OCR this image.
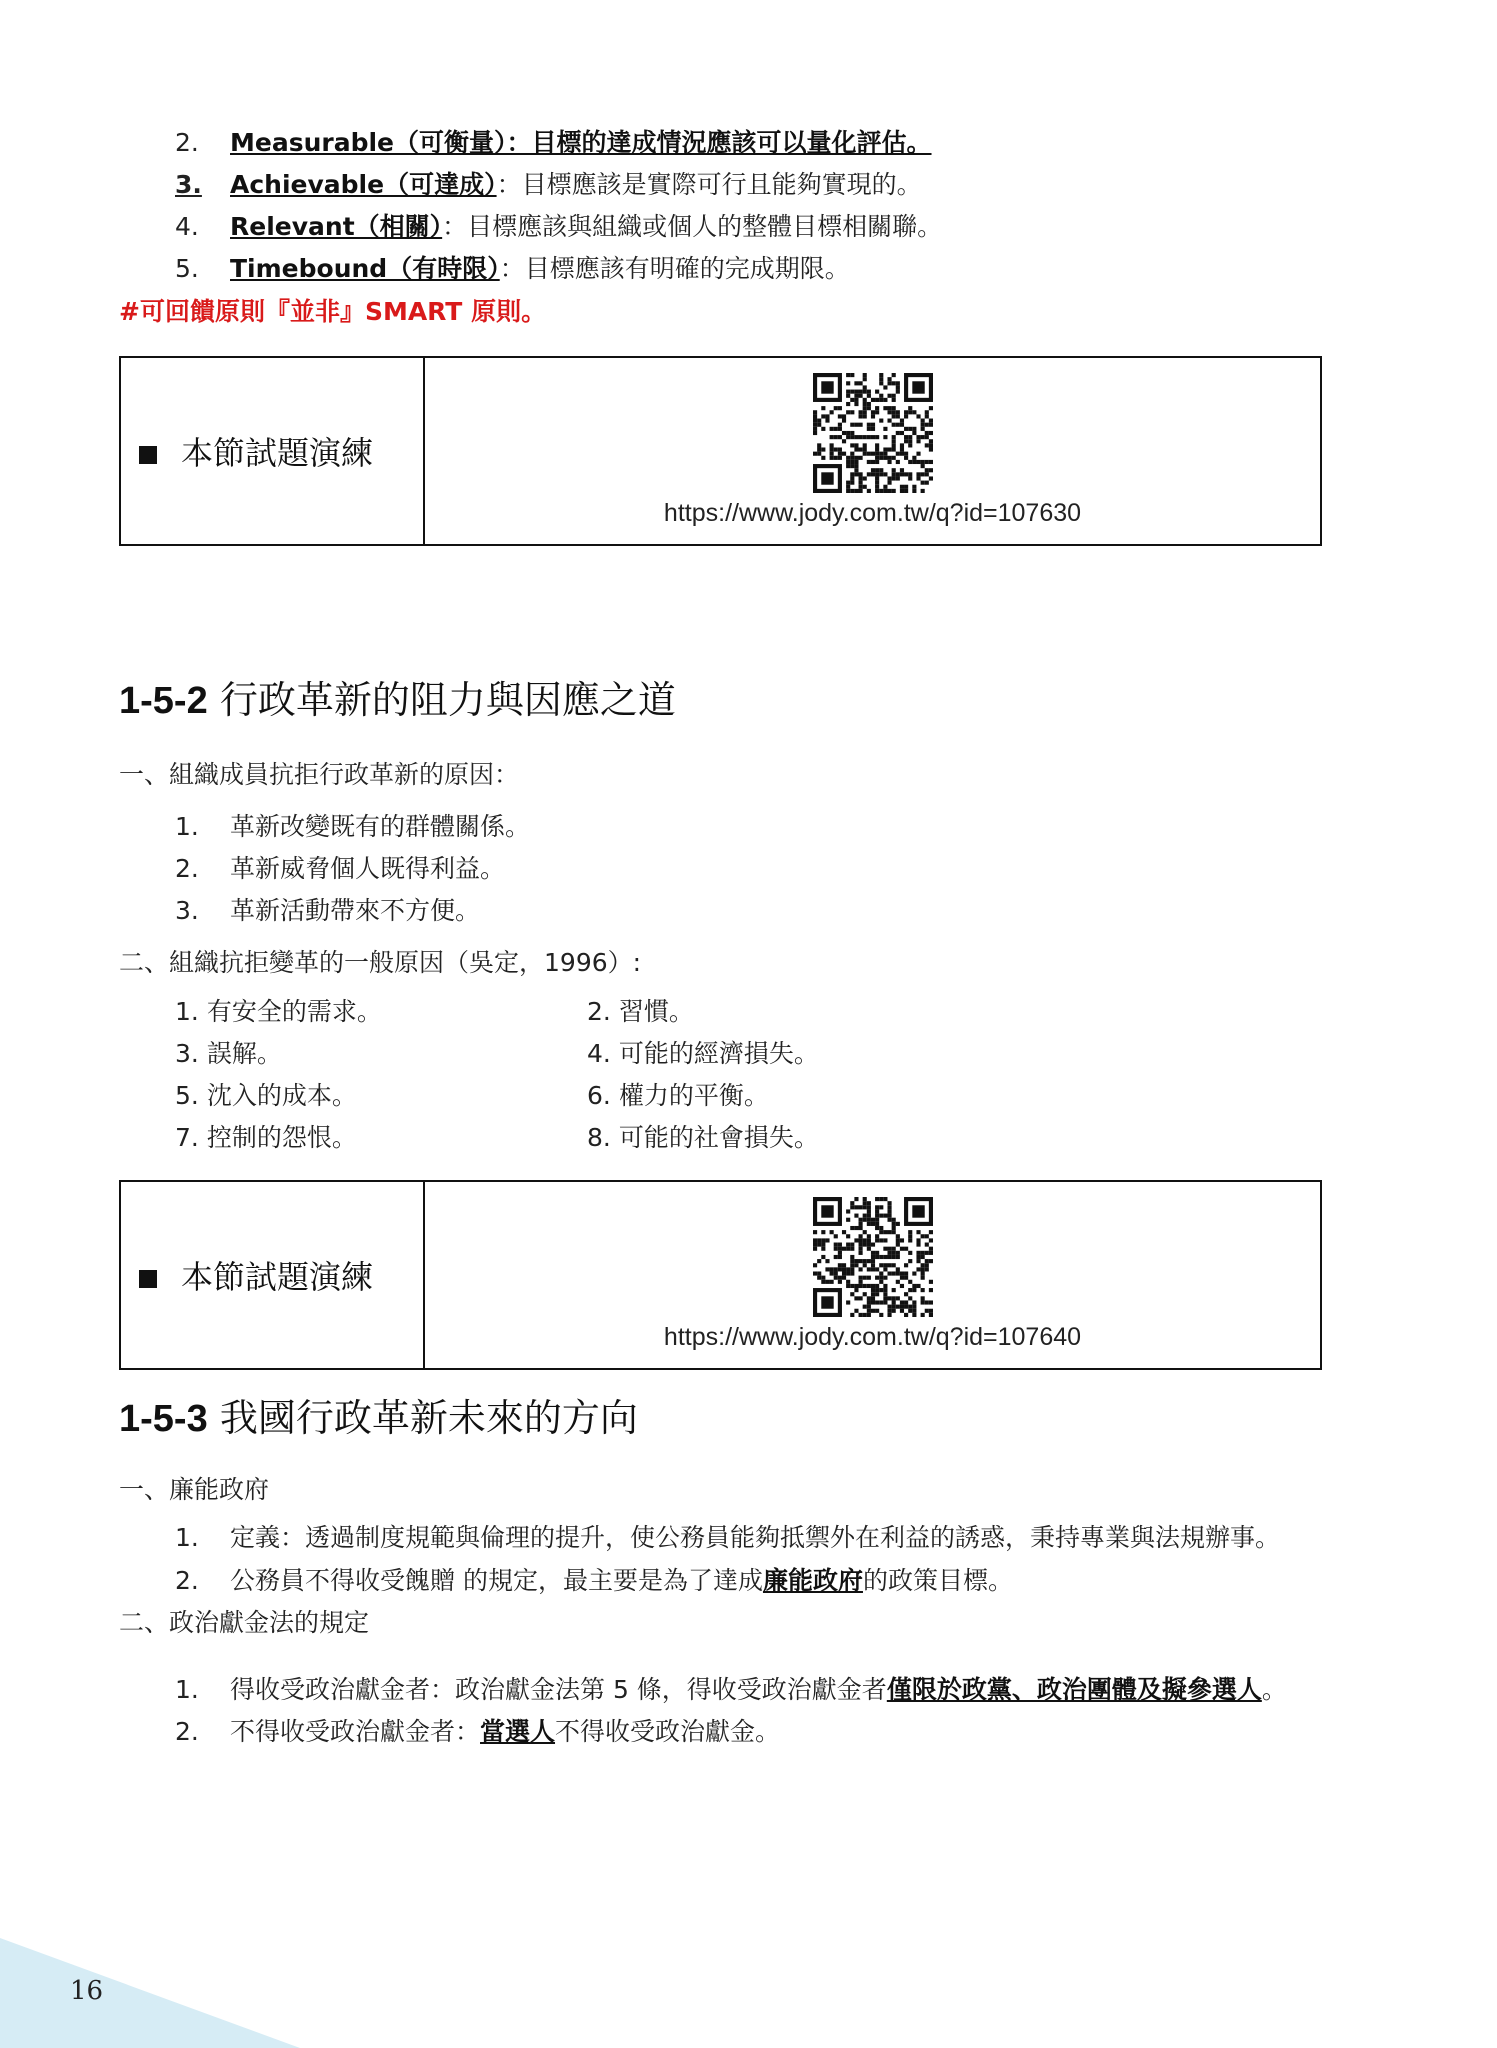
2.	Measurable（可衡量）：目標的達成情況應該可以量化評估。
3.	Achievable（可達成）：目標應該是實際可行且能夠實現的。
4.	Relevant（相關）：目標應該與組織或個人的整體目標相關聯。
5.	Timebound（有時限）：目標應該有明確的完成期限。
#可回饋原則『並非』SMART 原則。
本節試題演練	
https://www.jody.com.tw/q?id=107630
1-5-2 行政革新的阻力與因應之道
一、組織成員抗拒行政革新的原因：
1.	革新改變既有的群體關係。
2.	革新威脅個人既得利益。
3.	革新活動帶來不方便。
二、組織抗拒變革的一般原因（吳定，1996）:
1. 有安全的需求。	2. 習慣。
3. 誤解。	4. 可能的經濟損失。
5. 沈入的成本。	6. 權力的平衡。
7. 控制的怨恨。	8. 可能的社會損失。
本節試題演練	
https://www.jody.com.tw/q?id=107640
1-5-3 我國行政革新未來的方向
一、廉能政府
1.	定義：透過制度規範與倫理的提升，使公務員能夠抵禦外在利益的誘惑，秉持專業與法規辦事。
2.	公務員不得收受餽贈 的規定，最主要是為了達成廉能政府的政策目標。
二、政治獻金法的規定
1.	得收受政治獻金者：政治獻金法第 5 條，得收受政治獻金者僅限於政黨、政治團體及擬參選人。
2.	不得收受政治獻金者：當選人不得收受政治獻金。
16
